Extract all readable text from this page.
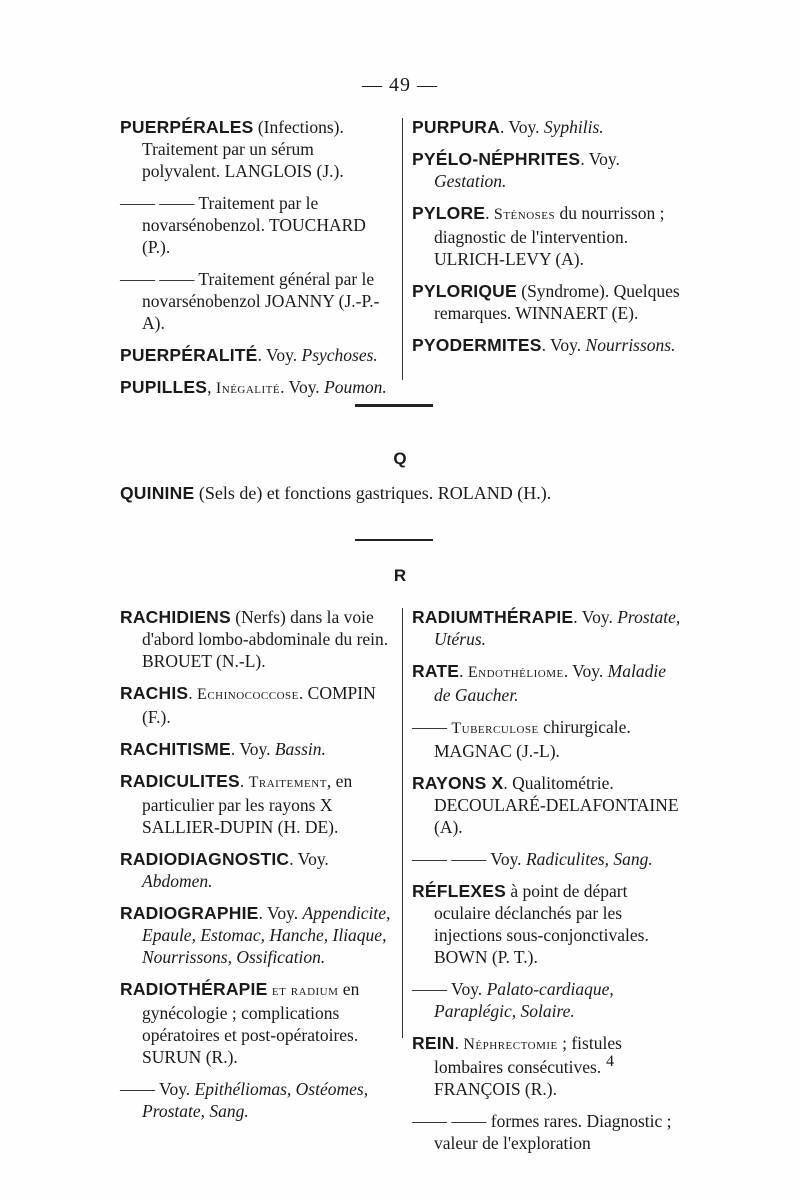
— 49 —
PUERPÉRALES (Infections). Traitement par un sérum polyvalent. LANGLOIS (J.).
—— —— Traitement par le novarsénobenzol. TOUCHARD (P.).
—— —— Traitement général par le novarsénobenzol JOANNY (J.-P.-A).
PUERPÉRALITÉ. Voy. Psychoses.
PUPILLES, Inégalité. Voy. Poumon.
PURPURA. Voy. Syphilis.
PYÉLO-NÉPHRITES. Voy. Gestation.
PYLORE. Sténoses du nourrisson ; diagnostic de l'intervention. ULRICH-LEVY (A).
PYLORIQUE (Syndrome). Quelques remarques. WINNAERT (E).
PYODERMITES. Voy. Nourrissons.
Q
QUININE (Sels de) et fonctions gastriques. ROLAND (H.).
R
RACHIDIENS (Nerfs) dans la voie d'abord lombo-abdominale du rein. BROUET (N.-L).
RACHIS. Echinococcose. COMPIN (F.).
RACHITISME. Voy. Bassin.
RADICULITES. Traitement, en particulier par les rayons X SALLIER-DUPIN (H. DE).
RADIODIAGNOSTIC. Voy. Abdomen.
RADIOGRAPHIE. Voy. Appendicite, Epaule, Estomac, Hanche, Iliaque, Nourrissons, Ossification.
RADIOTHÉRAPIE et radium en gynécologie ; complications opératoires et post-opératoires. SURUN (R.).
—— Voy. Epithéliomas, Ostéomes, Prostate, Sang.
RADIUMTHÉRAPIE. Voy. Prostate, Utérus.
RATE. Endothéliome. Voy. Maladie de Gaucher.
—— Tuberculose chirurgicale. MAGNAC (J.-L).
RAYONS X. Qualitométrie. DECOULARÉ-DELAFONTAINE (A).
—— —— Voy. Radiculites, Sang.
RÉFLEXES à point de départ oculaire déclanchés par les injections sous-conjonctivales. BOWN (P. T.).
—— Voy. Palato-cardiaque, Paraplégic, Solaire.
REIN. Néphrectomie ; fistules lombaires consécutives. FRANÇOIS (R.).
—— —— formes rares. Diagnostic ; valeur de l'exploration
4
